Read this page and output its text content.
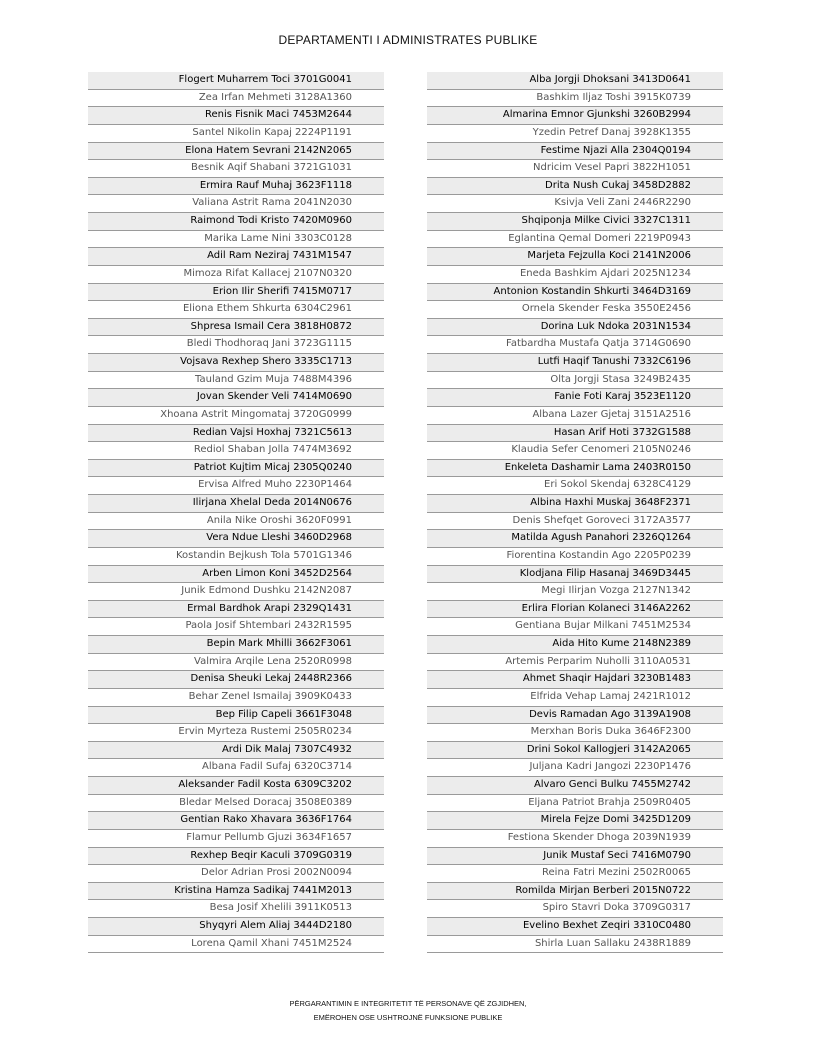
DEPARTAMENTI I ADMINISTRATES PUBLIKE
Flogert Muharrem Toci 3701G0041
Zea Irfan Mehmeti 3128A1360
Renis Fisnik Maci 7453M2644
Santel Nikolin Kapaj 2224P1191
Elona Hatem Sevrani 2142N2065
Besnik Aqif Shabani 3721G1031
Ermira Rauf Muhaj 3623F1118
Valiana Astrit Rama 2041N2030
Raimond Todi Kristo 7420M0960
Marika Lame Nini 3303C0128
Adil Ram Neziraj 7431M1547
Mimoza Rifat Kallacej 2107N0320
Erion Ilir Sherifi 7415M0717
Eliona Ethem Shkurta 6304C2961
Shpresa Ismail Cera 3818H0872
Bledi Thodhoraq Jani 3723G1115
Vojsava Rexhep Shero 3335C1713
Tauland Gzim Muja 7488M4396
Jovan Skender Veli 7414M0690
Xhoana Astrit Mingomataj 3720G0999
Redian Vajsi Hoxhaj 7321C5613
Rediol Shaban Jolla 7474M3692
Patriot Kujtim Micaj 2305Q0240
Ervisa Alfred Muho 2230P1464
Ilirjana Xhelal Deda 2014N0676
Anila Nike Oroshi 3620F0991
Vera Ndue Lleshi 3460D2968
Kostandin Bejkush Tola 5701G1346
Arben Limon Koni 3452D2564
Junik Edmond Dushku 2142N2087
Ermal Bardhok Arapi 2329Q1431
Paola Josif Shtembari 2432R1595
Bepin Mark Mhilli 3662F3061
Valmira Arqile Lena 2520R0998
Denisa Sheuki Lekaj 2448R2366
Behar Zenel Ismailaj 3909K0433
Bep Filip Capeli 3661F3048
Ervin Myrteza Rustemi 2505R0234
Ardi Dik Malaj 7307C4932
Albana Fadil Sufaj 6320C3714
Aleksander Fadil Kosta 6309C3202
Bledar Melsed Doracaj 3508E0389
Gentian Rako Xhavara 3636F1764
Flamur Pellumb Gjuzi 3634F1657
Rexhep Beqir Kaculi 3709G0319
Delor Adrian Prosi 2002N0094
Kristina Hamza Sadikaj 7441M2013
Besa Josif Xhelili 3911K0513
Shyqyri Alem Aliaj 3444D2180
Lorena Qamil Xhani 7451M2524
Alba Jorgji Dhoksani 3413D0641
Bashkim Iljaz Toshi 3915K0739
Almarina Emnor Gjunkshi 3260B2994
Yzedin Petref Danaj 3928K1355
Festime Njazi Alla 2304Q0194
Ndricim Vesel Papri 3822H1051
Drita Nush Cukaj 3458D2882
Ksivja Veli Zani 2446R2290
Shqiponja Milke Civici 3327C1311
Eglantina Qemal Domeri 2219P0943
Marjeta Fejzulla Koci 2141N2006
Eneda Bashkim Ajdari 2025N1234
Antonion Kostandin Shkurti 3464D3169
Ornela Skender Feska 3550E2456
Dorina Luk Ndoka 2031N1534
Fatbardha Mustafa Qatja 3714G0690
Lutfi Haqif Tanushi 7332C6196
Olta Jorgji Stasa 3249B2435
Fanie Foti Karaj 3523E1120
Albana Lazer Gjetaj 3151A2516
Hasan Arif Hoti 3732G1588
Klaudia Sefer Cenomeri 2105N0246
Enkeleta Dashamir Lama 2403R0150
Eri Sokol Skendaj 6328C4129
Albina Haxhi Muskaj 3648F2371
Denis Shefqet Goroveci 3172A3577
Matilda Agush Panahori 2326Q1264
Fiorentina Kostandin Ago 2205P0239
Klodjana Filip Hasanaj 3469D3445
Megi Ilirjan Vozga 2127N1342
Erlira Florian Kolaneci 3146A2262
Gentiana Bujar Milkani 7451M2534
Aida Hito Kume 2148N2389
Artemis Perparim Nuholli 3110A0531
Ahmet Shaqir Hajdari 3230B1483
Elfrida Vehap Lamaj 2421R1012
Devis Ramadan Ago 3139A1908
Merxhan Boris Duka 3646F2300
Drini Sokol Kallogjeri 3142A2065
Juljana Kadri Jangozi 2230P1476
Alvaro Genci Bulku 7455M2742
Eljana Patriot Brahja 2509R0405
Mirela Fejze Domi 3425D1209
Festiona Skender Dhoga 2039N1939
Junik Mustaf Seci 7416M0790
Reina Fatri Mezini 2502R0065
Romilda Mirjan Berberi 2015N0722
Spiro Stavri Doka 3709G0317
Evelino Bexhet Zeqiri 3310C0480
Shirla Luan Sallaku 2438R1889
PËRGARANTIMIN E INTEGRITETIT TË PERSONAVE QË ZGJIDHEN,
EMËROHEN OSE USHTROJNË FUNKSIONE PUBLIKE
